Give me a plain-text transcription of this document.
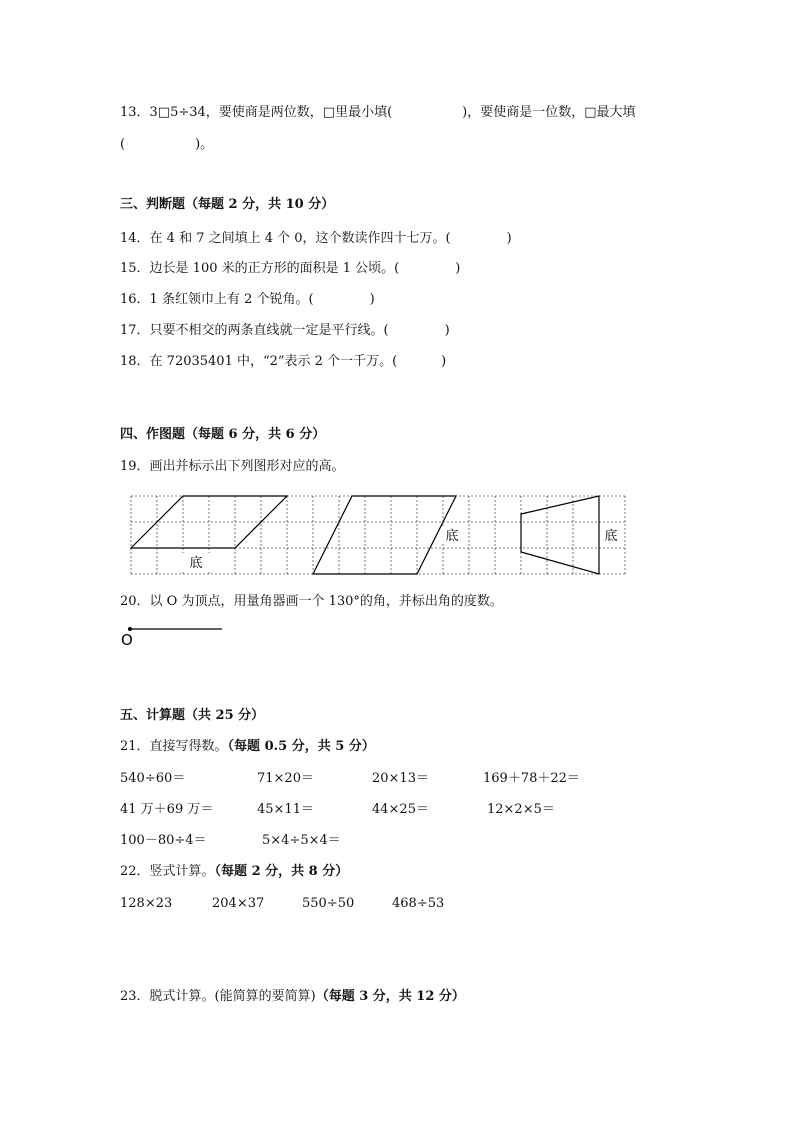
13．3□5÷34，要使商是两位数，□里最小填(	)，要使商是一位数，□最大填
(	)。
三、判断题（每题 2 分，共 10 分）
14．在 4 和 7 之间填上 4 个 0，这个数读作四十七万。(	)
15．边长是 100 米的正方形的面积是 1 公顷。(	)
16．1 条红领巾上有 2 个锐角。(	)
17．只要不相交的两条直线就一定是平行线。(	)
18．在 72035401 中，“2”表示 2 个一千万。(	)
四、作图题（每题 6 分，共 6 分）
19．画出并标示出下列图形对应的高。
底
底	底
20．以 O 为顶点，用量角器画一个 130°的角，并标出角的度数。
O
五、计算题（共 25 分）
21．直接写得数。（每题 0.5 分，共 5 分）
540÷60＝	71×20＝	20×13＝	169＋78＋22＝
41 万＋69 万＝	45×11＝	44×25＝	12×2×5＝
100－80÷4＝	5×4÷5×4＝
22．竖式计算。（每题 2 分，共 8 分）
128×23	204×37	550÷50	468÷53
23．脱式计算。(能简算的要简算)（每题 3 分，共 12 分）
